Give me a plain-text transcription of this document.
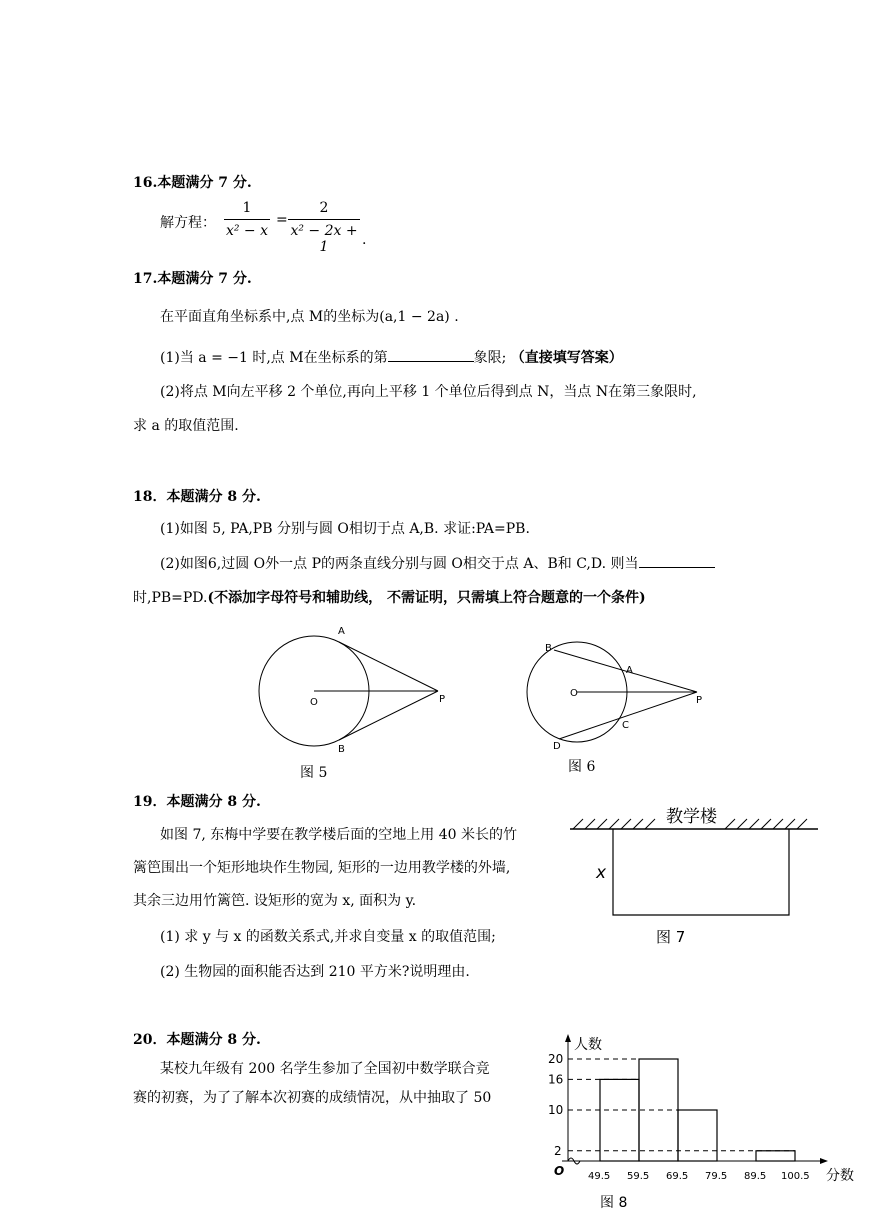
16.本题满分 7 分.
解方程：
1
x² − x
=
2
x² − 2x + 1	.
17.本题满分 7 分.
在平面直角坐标系中,点 M的坐标为(a,1 − 2a) .
(1)当 a = −1 时,点 M在坐标系的第	象限; （直接填写答案）
(2)将点 M向左平移 2 个单位,再向上平移 1 个单位后得到点 N，当点 N在第三象限时,
求 a 的取值范围.
18．本题满分 8 分.
(1)如图 5, PA,PB 分别与圆 O相切于点 A,B. 求证:PA=PB.
(2)如图6,过圆 O外一点 P的两条直线分别与圆 O相交于点 A、B和 C,D. 则当
时,PB=PD.(不添加字母符号和辅助线， 不需证明，只需填上符合题意的一个条件)
A
B
O	P
图 5
B
A
O
C
D
P
图 6
19．本题满分 8 分.
如图 7, 东梅中学要在教学楼后面的空地上用 40 米长的竹
篱笆围出一个矩形地块作生物园, 矩形的一边用教学楼的外墙,
其余三边用竹篱笆. 设矩形的宽为 x, 面积为 y.
(1) 求 y 与 x 的函数关系式,并求自变量 x 的取值范围;
(2) 生物园的面积能否达到 210 平方米?说明理由.
教学楼
x
图 7
20．本题满分 8 分.
某校九年级有 200 名学生参加了全国初中数学联合竞
赛的初赛，为了了解本次初赛的成绩情况，从中抽取了 50
人数
分数
O
2
10
16
20
49.5 59.5 69.5 79.5 89.5 100.5
图 8
